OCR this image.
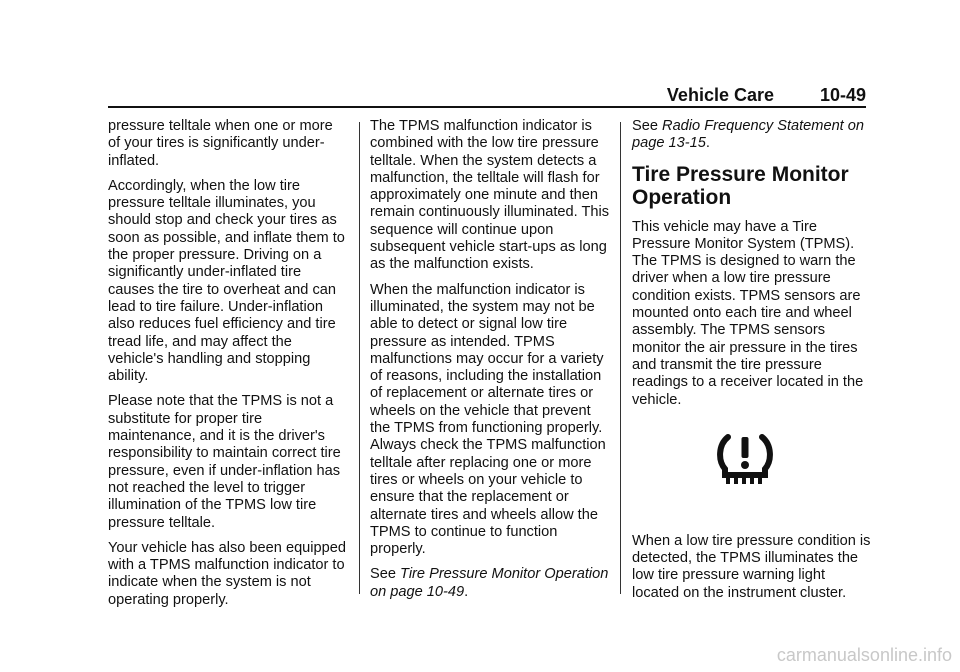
Vehicle Care	10-49

pressure telltale when one or more of your tires is significantly under-inflated.

Accordingly, when the low tire pressure telltale illuminates, you should stop and check your tires as soon as possible, and inflate them to the proper pressure. Driving on a significantly under-inflated tire causes the tire to overheat and can lead to tire failure. Under-inflation also reduces fuel efficiency and tire tread life, and may affect the vehicle's handling and stopping ability.

Please note that the TPMS is not a substitute for proper tire maintenance, and it is the driver's responsibility to maintain correct tire pressure, even if under-inflation has not reached the level to trigger illumination of the TPMS low tire pressure telltale.

Your vehicle has also been equipped with a TPMS malfunction indicator to indicate when the system is not operating properly.

The TPMS malfunction indicator is combined with the low tire pressure telltale. When the system detects a malfunction, the telltale will flash for approximately one minute and then remain continuously illuminated. This sequence will continue upon subsequent vehicle start-ups as long as the malfunction exists.

When the malfunction indicator is illuminated, the system may not be able to detect or signal low tire pressure as intended. TPMS malfunctions may occur for a variety of reasons, including the installation of replacement or alternate tires or wheels on the vehicle that prevent the TPMS from functioning properly. Always check the TPMS malfunction telltale after replacing one or more tires or wheels on your vehicle to ensure that the replacement or alternate tires and wheels allow the TPMS to continue to function properly.

See Tire Pressure Monitor Operation on page 10-49.

See Radio Frequency Statement on page 13-15.

Tire Pressure Monitor Operation

This vehicle may have a Tire Pressure Monitor System (TPMS). The TPMS is designed to warn the driver when a low tire pressure condition exists. TPMS sensors are mounted onto each tire and wheel assembly. The TPMS sensors monitor the air pressure in the tires and transmit the tire pressure readings to a receiver located in the vehicle.

When a low tire pressure condition is detected, the TPMS illuminates the low tire pressure warning light located on the instrument cluster.

carmanualsonline.info
